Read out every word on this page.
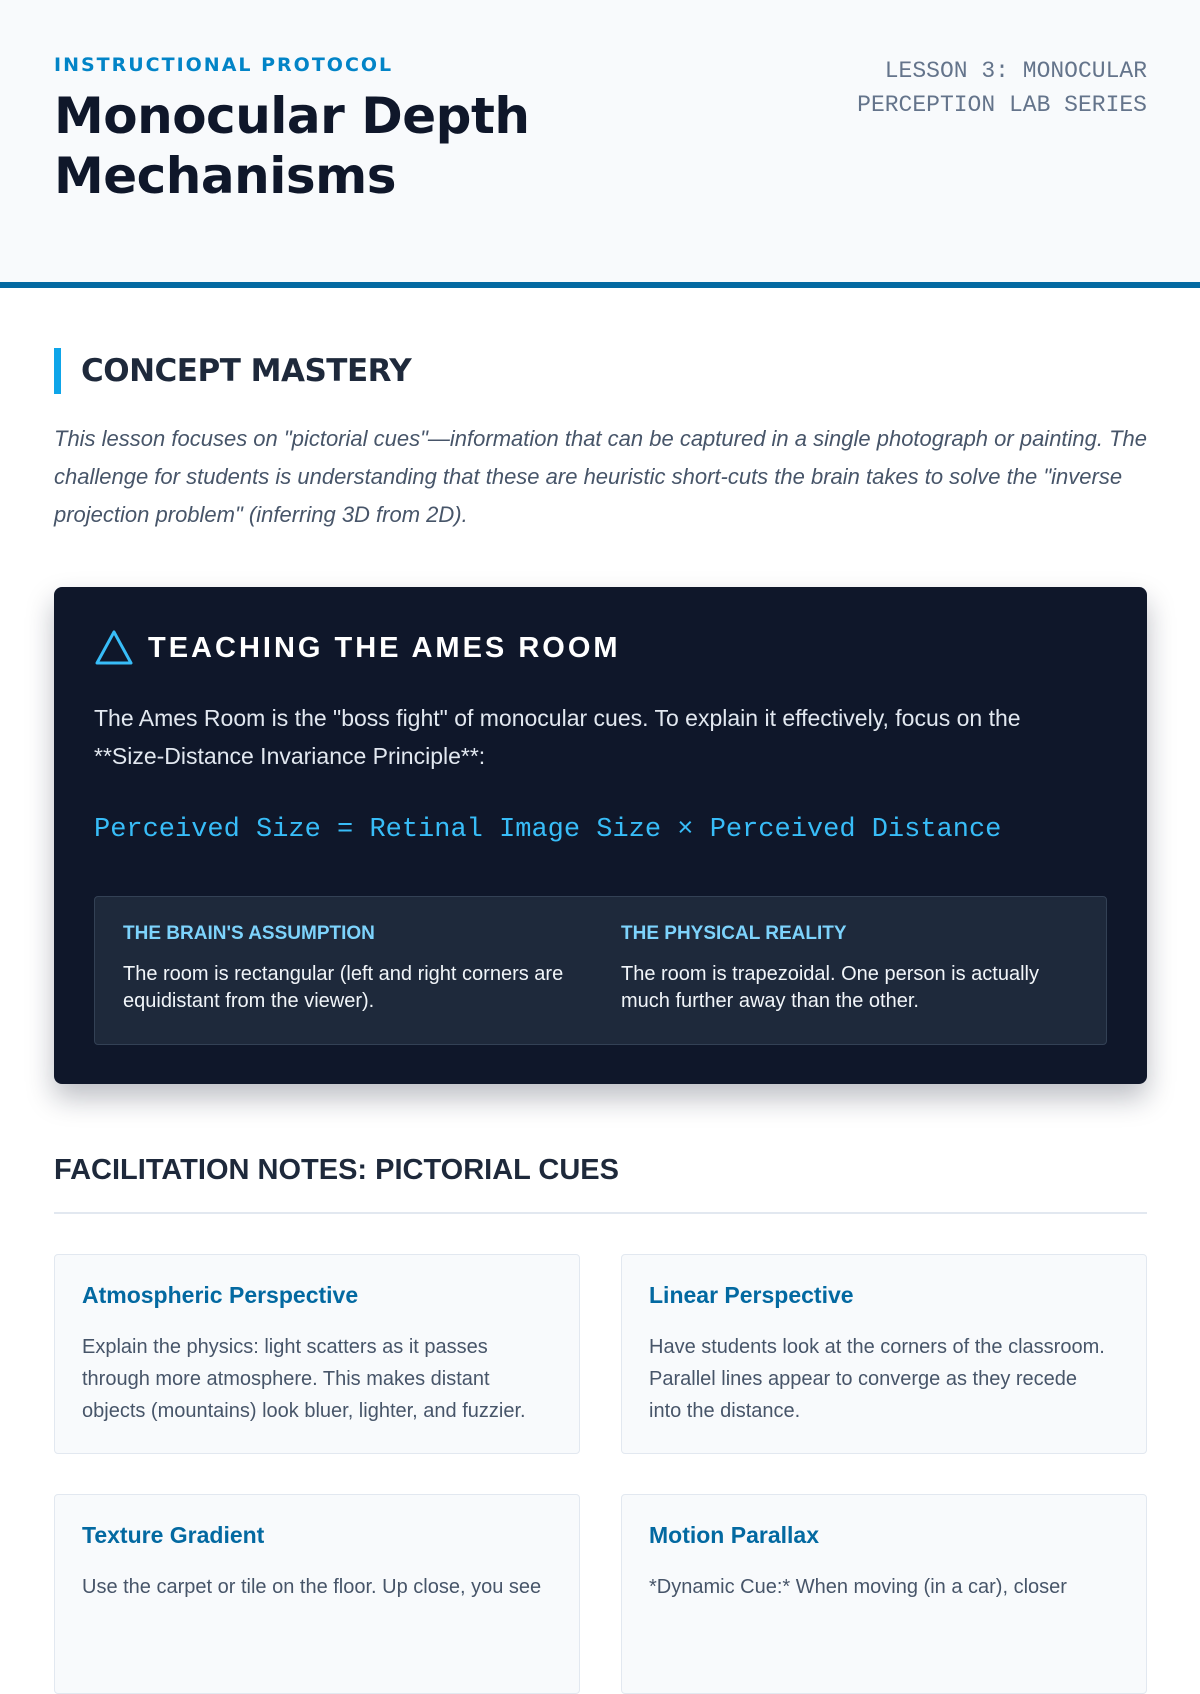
INSTRUCTIONAL PROTOCOL
Monocular Depth Mechanisms
LESSON 3: MONOCULAR PERCEPTION LAB SERIES
CONCEPT MASTERY
This lesson focuses on "pictorial cues"—information that can be captured in a single photograph or painting. The challenge for students is understanding that these are heuristic short-cuts the brain takes to solve the "inverse projection problem" (inferring 3D from 2D).
TEACHING THE AMES ROOM
The Ames Room is the "boss fight" of monocular cues. To explain it effectively, focus on the **Size-Distance Invariance Principle**:
Perceived Size = Retinal Image Size × Perceived Distance
THE BRAIN'S ASSUMPTION
The room is rectangular (left and right corners are equidistant from the viewer).
THE PHYSICAL REALITY
The room is trapezoidal. One person is actually much further away than the other.
FACILITATION NOTES: PICTORIAL CUES
Atmospheric Perspective
Explain the physics: light scatters as it passes through more atmosphere. This makes distant objects (mountains) look bluer, lighter, and fuzzier.
Linear Perspective
Have students look at the corners of the classroom. Parallel lines appear to converge as they recede into the distance.
Texture Gradient
Use the carpet or tile on the floor. Up close, you see
Motion Parallax
*Dynamic Cue:* When moving (in a car), closer
